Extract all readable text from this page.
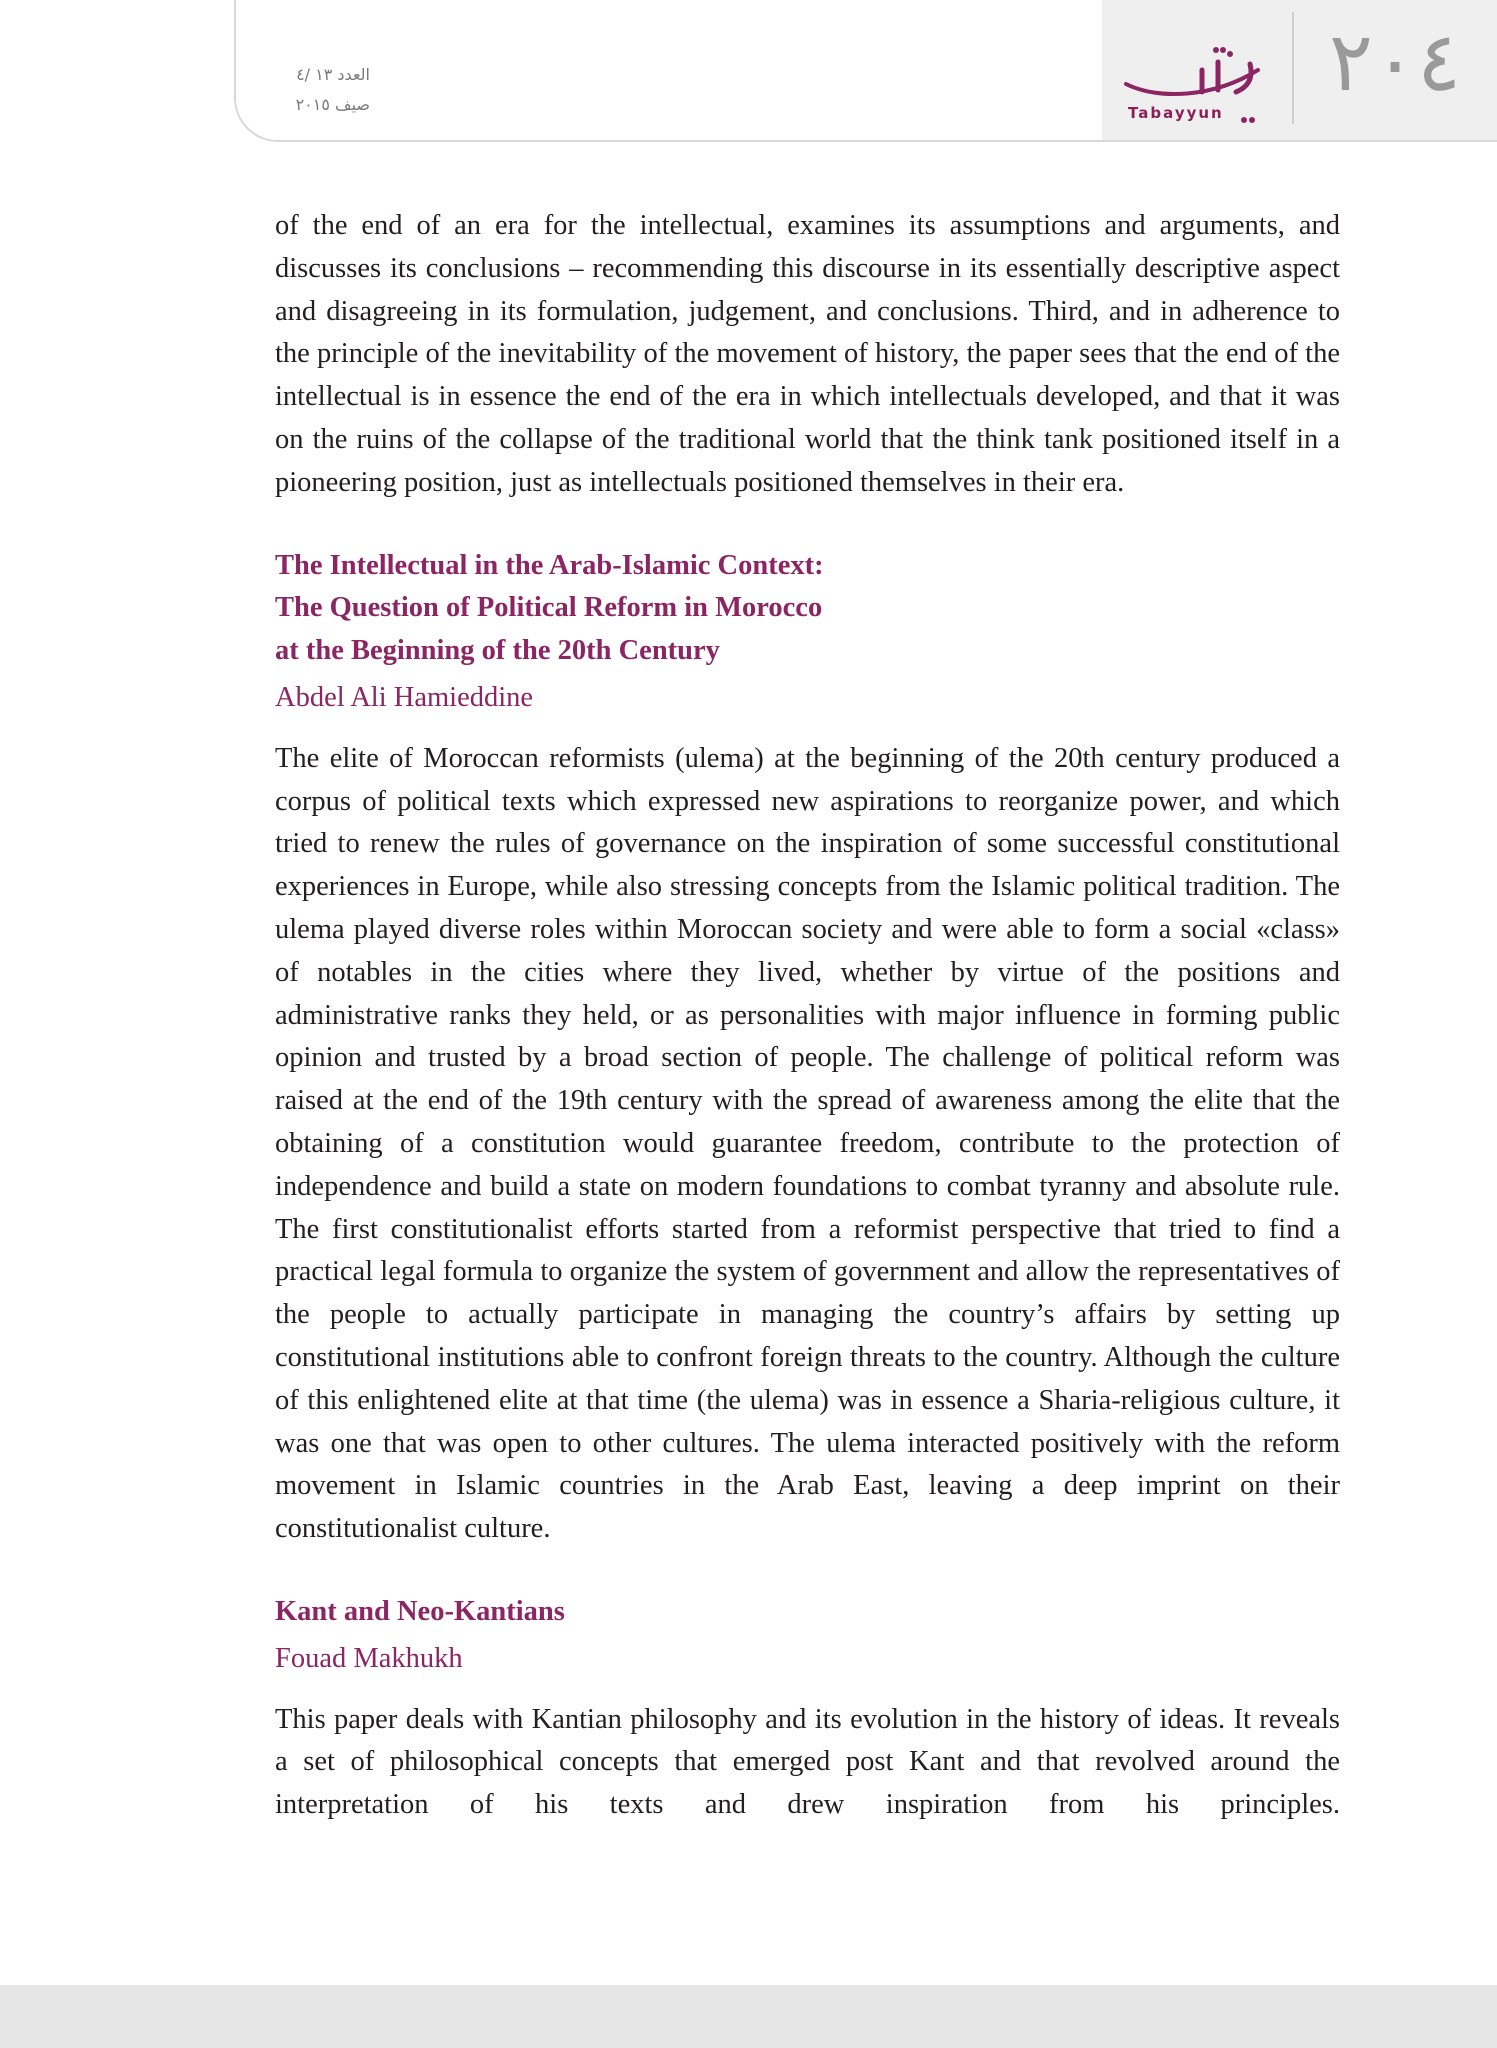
٢٠٤
Tabayyun
العدد ١٣ /٤
صيف ٢٠١٥

of the end of an era for the intellectual, examines its assumptions and arguments, and discusses its conclusions – recommending this discourse in its essentially descriptive aspect and disagreeing in its formulation, judgement, and conclusions. Third, and in adherence to the principle of the inevitability of the movement of history, the paper sees that the end of the intellectual is in essence the end of the era in which intellectuals developed, and that it was on the ruins of the collapse of the traditional world that the think tank positioned itself in a pioneering position, just as intellectuals positioned themselves in their era.

The Intellectual in the Arab-Islamic Context:
The Question of Political Reform in Morocco
at the Beginning of the 20th Century
Abdel Ali Hamieddine

The elite of Moroccan reformists (ulema) at the beginning of the 20th century produced a corpus of political texts which expressed new aspirations to reorganize power, and which tried to renew the rules of governance on the inspiration of some successful constitutional experiences in Europe, while also stressing concepts from the Islamic political tradition. The ulema played diverse roles within Moroccan society and were able to form a social «class» of notables in the cities where they lived, whether by virtue of the positions and administrative ranks they held, or as personalities with major influence in forming public opinion and trusted by a broad section of people. The challenge of political reform was raised at the end of the 19th century with the spread of awareness among the elite that the obtaining of a constitution would guarantee freedom, contribute to the protection of independence and build a state on modern foundations to combat tyranny and absolute rule. The first constitutionalist efforts started from a reformist perspective that tried to find a practical legal formula to organize the system of government and allow the representatives of the people to actually participate in managing the country’s affairs by setting up constitutional institutions able to confront foreign threats to the country. Although the culture of this enlightened elite at that time (the ulema) was in essence a Sharia-religious culture, it was one that was open to other cultures. The ulema interacted positively with the reform movement in Islamic countries in the Arab East, leaving a deep imprint on their constitutionalist culture.

Kant and Neo-Kantians
Fouad Makhukh

This paper deals with Kantian philosophy and its evolution in the history of ideas. It reveals a set of philosophical concepts that emerged post Kant and that revolved around the interpretation of his texts and drew inspiration from his principles.
